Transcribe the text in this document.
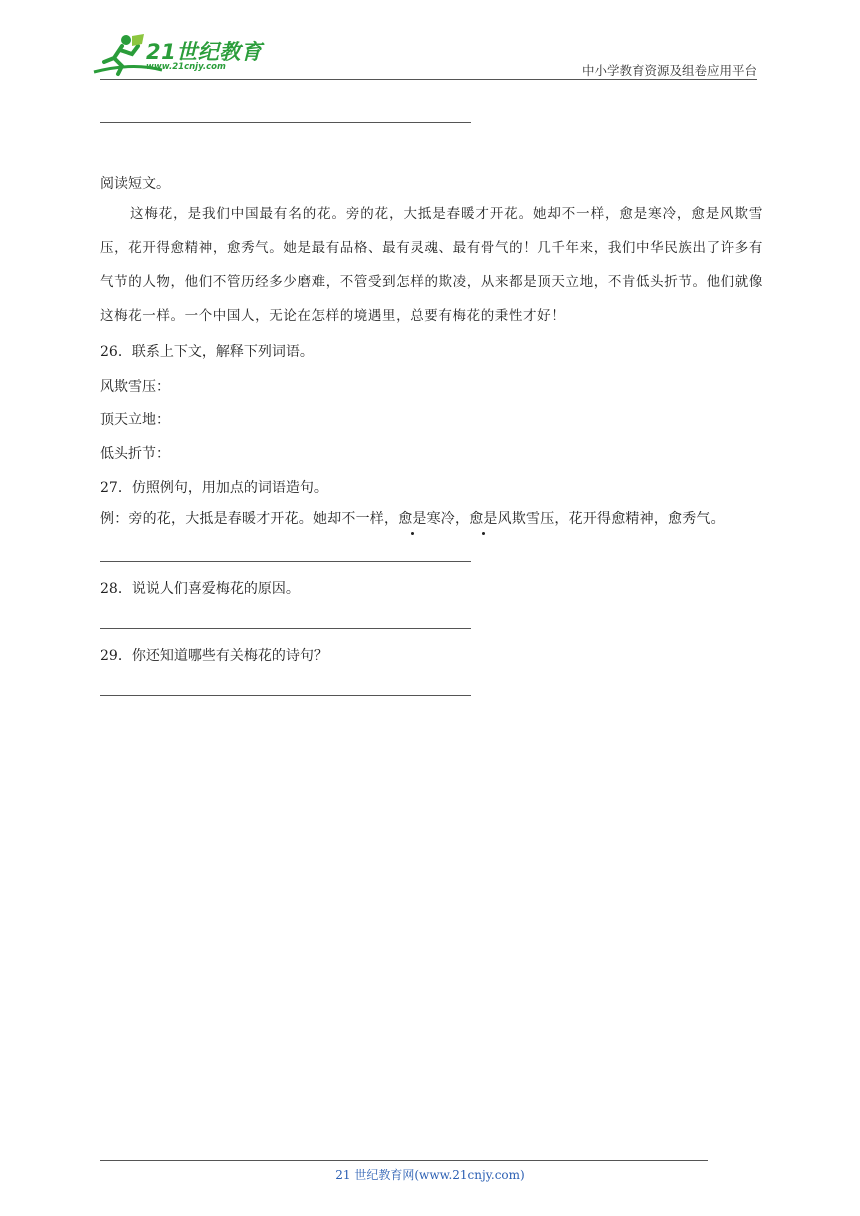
21世纪教育
www.21cnjy.com	中小学教育资源及组卷应用平台
阅读短文。
这梅花，是我们中国最有名的花。旁的花，大抵是春暖才开花。她却不一样，愈是寒冷，愈是风欺雪压，花开得愈精神，愈秀气。她是最有品格、最有灵魂、最有骨气的！几千年来，我们中华民族出了许多有气节的人物，他们不管历经多少磨难，不管受到怎样的欺凌，从来都是顶天立地，不肯低头折节。他们就像这梅花一样。一个中国人，无论在怎样的境遇里，总要有梅花的秉性才好！
26．联系上下文，解释下列词语。
风欺雪压：
顶天立地：
低头折节：
27．仿照例句，用加点的词语造句。
例：旁的花，大抵是春暖才开花。她却不一样，愈是寒冷，愈是风欺雪压，花开得愈精神，愈秀气。
28．说说人们喜爱梅花的原因。
29．你还知道哪些有关梅花的诗句？
21 世纪教育网(www.21cnjy.com)
